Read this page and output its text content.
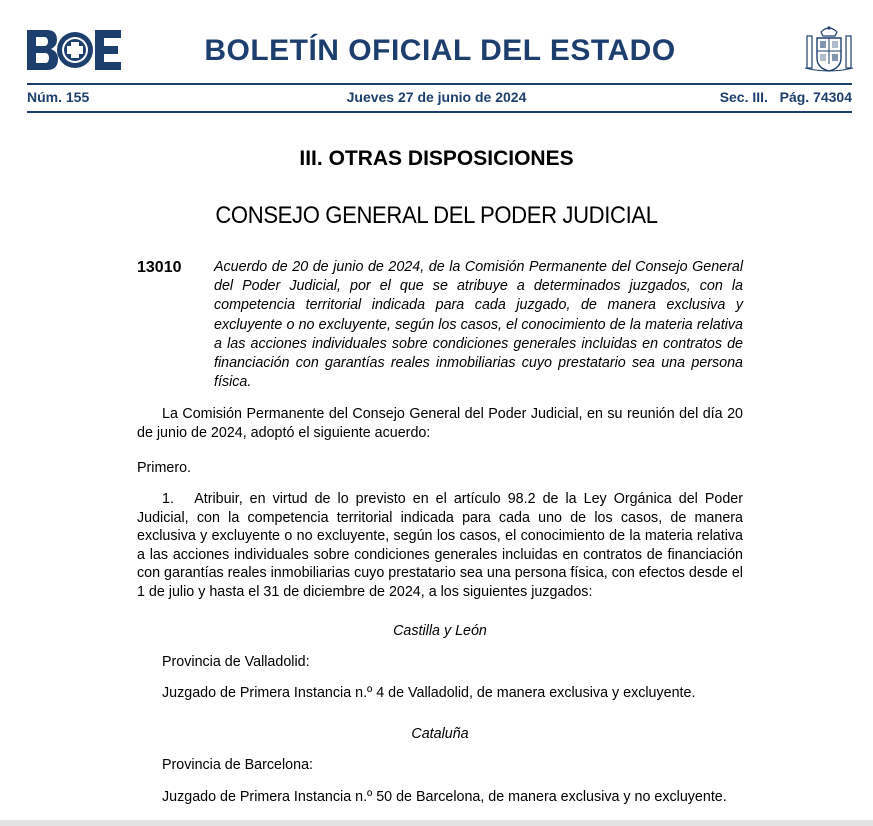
BOLETÍN OFICIAL DEL ESTADO
Núm. 155	Jueves 27 de junio de 2024	Sec. III.   Pág. 74304
III. OTRAS DISPOSICIONES
CONSEJO GENERAL DEL PODER JUDICIAL
13010 Acuerdo de 20 de junio de 2024, de la Comisión Permanente del Consejo General del Poder Judicial, por el que se atribuye a determinados juzgados, con la competencia territorial indicada para cada juzgado, de manera exclusiva y excluyente o no excluyente, según los casos, el conocimiento de la materia relativa a las acciones individuales sobre condiciones generales incluidas en contratos de financiación con garantías reales inmobiliarias cuyo prestatario sea una persona física.
La Comisión Permanente del Consejo General del Poder Judicial, en su reunión del día 20 de junio de 2024, adoptó el siguiente acuerdo:
Primero.
1.   Atribuir, en virtud de lo previsto en el artículo 98.2 de la Ley Orgánica del Poder Judicial, con la competencia territorial indicada para cada uno de los casos, de manera exclusiva y excluyente o no excluyente, según los casos, el conocimiento de la materia relativa a las acciones individuales sobre condiciones generales incluidas en contratos de financiación con garantías reales inmobiliarias cuyo prestatario sea una persona física, con efectos desde el 1 de julio y hasta el 31 de diciembre de 2024, a los siguientes juzgados:
Castilla y León
Provincia de Valladolid:
Juzgado de Primera Instancia n.º 4 de Valladolid, de manera exclusiva y excluyente.
Cataluña
Provincia de Barcelona:
Juzgado de Primera Instancia n.º 50 de Barcelona, de manera exclusiva y no excluyente.
